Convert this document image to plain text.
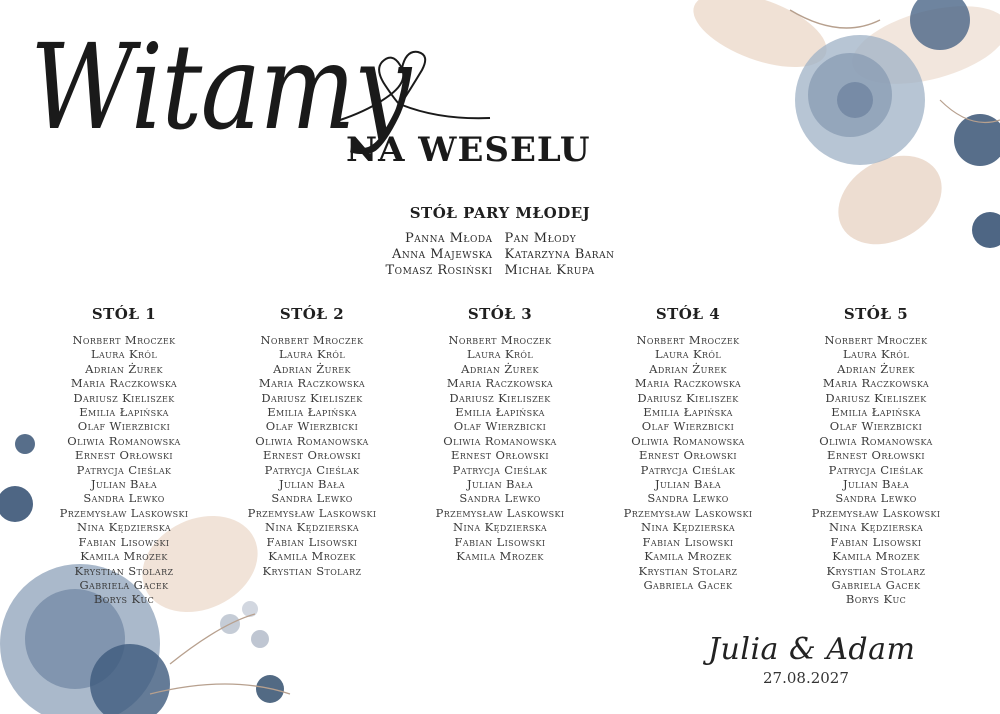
Witamy
NA WESELU
STÓŁ PARY MŁODEJ
Panna Młoda
Anna Majewska
Tomasz Rosiński
Pan Młody
Katarzyna Baran
Michał Krupa
STÓŁ 1
Norbert Mroczek
Laura Król
Adrian Żurek
Maria Raczkowska
Dariusz Kieliszek
Emilia Łapińska
Olaf Wierzbicki
Oliwia Romanowska
Ernest Orłowski
Patrycja Cieślak
Julian Bała
Sandra Lewko
Przemysław Laskowski
Nina Kędzierska
Fabian Lisowski
Kamila Mrozek
Krystian Stolarz
Gabriela Gacek
Borys Kuc
STÓŁ 2
Norbert Mroczek
Laura Król
Adrian Żurek
Maria Raczkowska
Dariusz Kieliszek
Emilia Łapińska
Olaf Wierzbicki
Oliwia Romanowska
Ernest Orłowski
Patrycja Cieślak
Julian Bała
Sandra Lewko
Przemysław Laskowski
Nina Kędzierska
Fabian Lisowski
Kamila Mrozek
Krystian Stolarz
STÓŁ 3
Norbert Mroczek
Laura Król
Adrian Żurek
Maria Raczkowska
Dariusz Kieliszek
Emilia Łapińska
Olaf Wierzbicki
Oliwia Romanowska
Ernest Orłowski
Patrycja Cieślak
Julian Bała
Sandra Lewko
Przemysław Laskowski
Nina Kędzierska
Fabian Lisowski
Kamila Mrozek
STÓŁ 4
Norbert Mroczek
Laura Król
Adrian Żurek
Maria Raczkowska
Dariusz Kieliszek
Emilia Łapińska
Olaf Wierzbicki
Oliwia Romanowska
Ernest Orłowski
Patrycja Cieślak
Julian Bała
Sandra Lewko
Przemysław Laskowski
Nina Kędzierska
Fabian Lisowski
Kamila Mrozek
Krystian Stolarz
Gabriela Gacek
STÓŁ 5
Norbert Mroczek
Laura Król
Adrian Żurek
Maria Raczkowska
Dariusz Kieliszek
Emilia Łapińska
Olaf Wierzbicki
Oliwia Romanowska
Ernest Orłowski
Patrycja Cieślak
Julian Bała
Sandra Lewko
Przemysław Laskowski
Nina Kędzierska
Fabian Lisowski
Kamila Mrozek
Krystian Stolarz
Gabriela Gacek
Borys Kuc
Julia & Adam
27.08.2027
